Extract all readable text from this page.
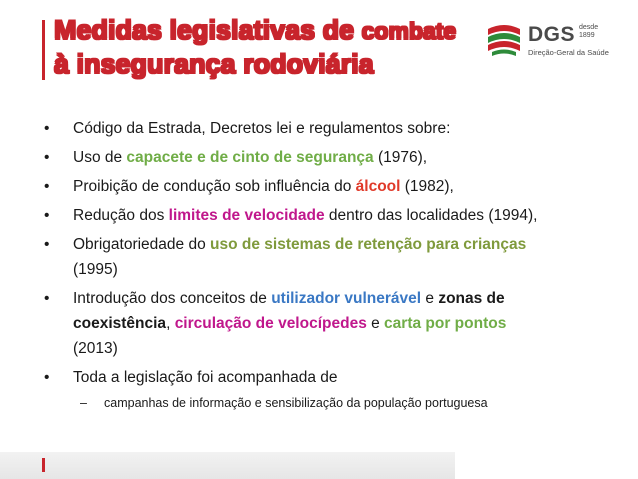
Medidas legislativas de combate
à insegurança rodoviária
DGS desde
1899
Direção-Geral da Saúde
• Código da Estrada, Decretos lei e regulamentos sobre:
• Uso de capacete e de cinto de segurança (1976),
• Proibição de condução sob influência do álcool (1982),
• Redução dos limites de velocidade dentro das localidades (1994),
• Obrigatoriedade do uso de sistemas de retenção para crianças
(1995)
• Introdução dos conceitos de utilizador vulnerável e zonas de
coexistência, circulação de velocípedes e carta por pontos
(2013)
• Toda a legislação foi acompanhada de
– campanhas de informação e sensibilização da população portuguesa
